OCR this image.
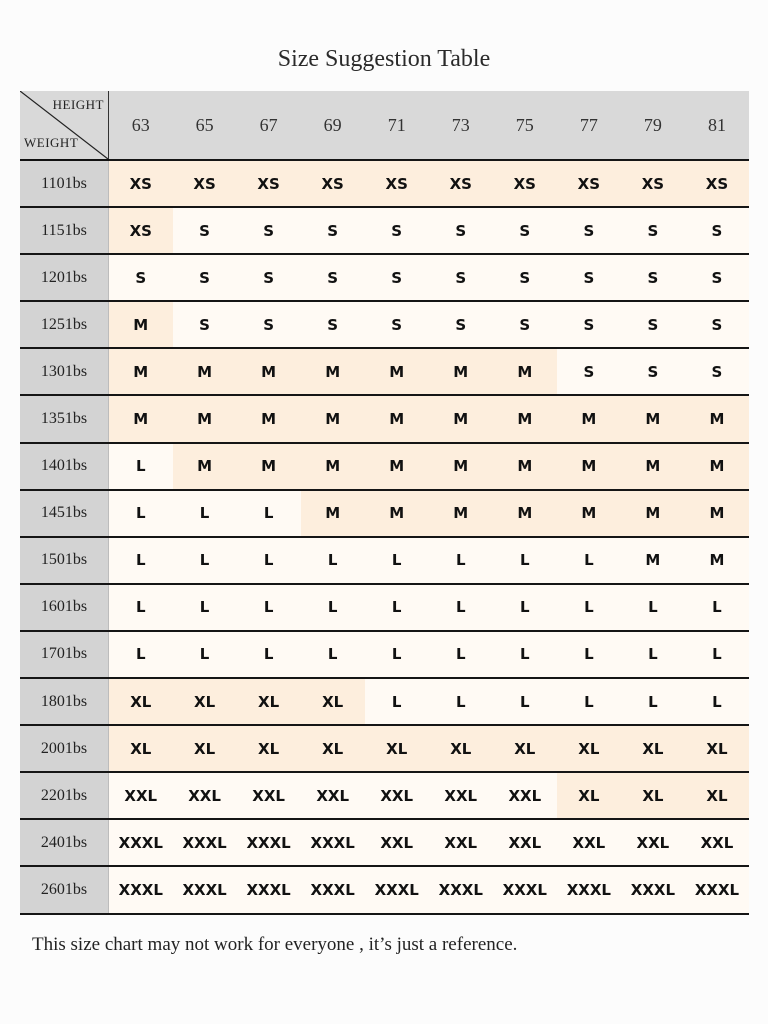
Size Suggestion Table
HEIGHT
WEIGHT	63	65	67	69	71	73	75	77	79	81
1101bs	XS	XS	XS	XS	XS	XS	XS	XS	XS	XS
1151bs	XS	S	S	S	S	S	S	S	S	S
1201bs	S	S	S	S	S	S	S	S	S	S
1251bs	M	S	S	S	S	S	S	S	S	S
1301bs	M	M	M	M	M	M	M	S	S	S
1351bs	M	M	M	M	M	M	M	M	M	M
1401bs	L	M	M	M	M	M	M	M	M	M
1451bs	L	L	L	M	M	M	M	M	M	M
1501bs	L	L	L	L	L	L	L	L	M	M
1601bs	L	L	L	L	L	L	L	L	L	L
1701bs	L	L	L	L	L	L	L	L	L	L
1801bs	XL	XL	XL	XL	L	L	L	L	L	L
2001bs	XL	XL	XL	XL	XL	XL	XL	XL	XL	XL
2201bs	XXL	XXL	XXL	XXL	XXL	XXL	XXL	XL	XL	XL
2401bs	XXXL	XXXL	XXXL	XXXL	XXL	XXL	XXL	XXL	XXL	XXL
2601bs	XXXL	XXXL	XXXL	XXXL	XXXL	XXXL	XXXL	XXXL	XXXL	XXXL
This size chart may not work for everyone , it’s just a reference.
